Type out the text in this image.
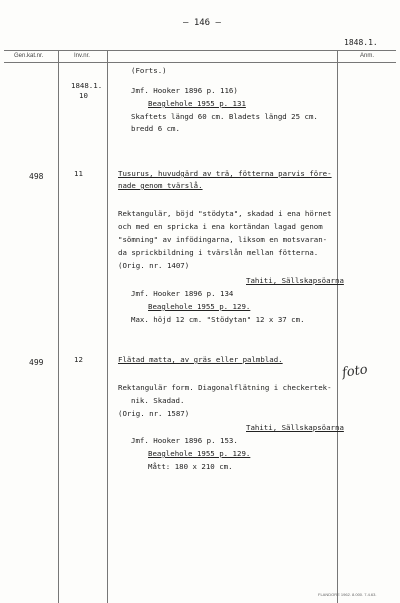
– 146 –
1848.1.
Gen.kat.nr.	Inv.nr.	Anm.
(Forts.)
1848.1.
10
Jmf. Hooker 1896 p. 116)
Beaglehole 1955 p. 131
Skaftets längd 60 cm. Bladets längd 25 cm.
bredd 6 cm.
498	11	Tusurus, huvudgärd av trä, fötterna parvis före-
nade genom tvärslå.
Rektangulär, böjd "stödyta", skadad i ena hörnet
och med en spricka i ena kortändan lagad genom
"sömning" av infödingarna, liksom en motsvaran-
da sprickbildning i tvärslån mellan fötterna.
(Orig. nr. 1407)
Tahiti, Sällskapsöarna
Jmf. Hooker 1896 p. 134
Beaglehole 1955 p. 129.
Max. höjd 12 cm. "Stödytan" 12 x 37 cm.
499	12	Flätad matta, av gräs eller palmblad.
Rektangulär form. Diagonalflätning i checkertek-
nik. Skadad.
(Orig. nr. 1587)
Tahiti, Sällskapsöarna
Jmf. Hooker 1896 p. 153.
Beaglehole 1955 p. 129.
Mått: 180 x 210 cm.
foto
FLANDORE 1962. 8.000. 7.4.63.
